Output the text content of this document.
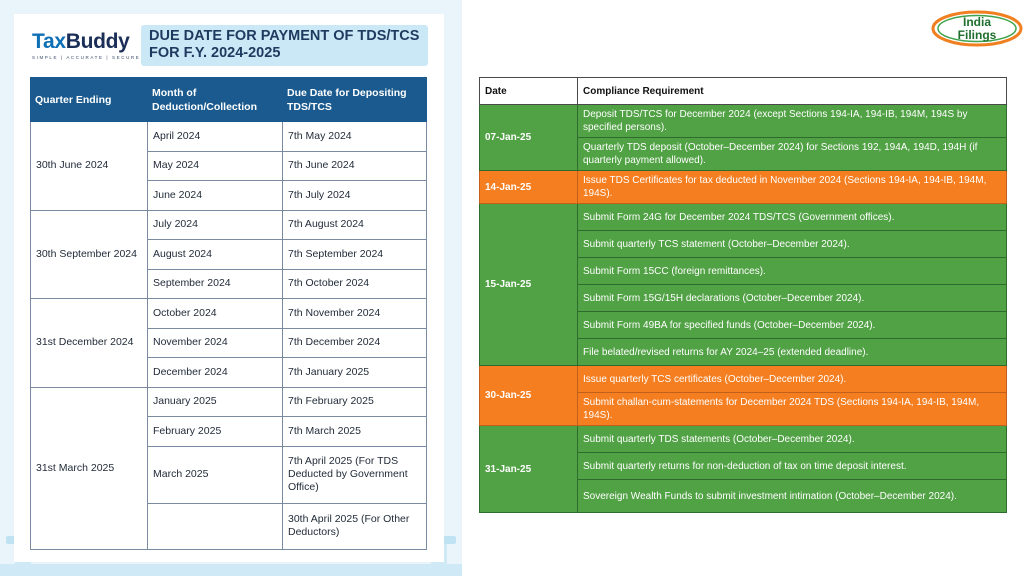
TaxBuddy
SIMPLE | ACCURATE | SECURE
DUE DATE FOR PAYMENT OF TDS/TCS
FOR F.Y. 2024-2025
Quarter Ending	Month of Deduction/Collection	Due Date for Depositing TDS/TCS
30th June 2024	April 2024	7th May 2024
	May 2024	7th June 2024
	June 2024	7th July 2024
30th September 2024	July 2024	7th August 2024
	August 2024	7th September 2024
	September 2024	7th October 2024
31st December 2024	October 2024	7th November 2024
	November 2024	7th December 2024
	December 2024	7th January 2025
31st March 2025	January 2025	7th February 2025
	February 2025	7th March 2025
	March 2025	7th April 2025 (For TDS Deducted by Government Office)
		30th April 2025 (For Other Deductors)
India
Filings
Date	Compliance Requirement
07-Jan-25	Deposit TDS/TCS for December 2024 (except Sections 194-IA, 194-IB, 194M, 194S by specified persons).
	Quarterly TDS deposit (October–December 2024) for Sections 192, 194A, 194D, 194H (if quarterly payment allowed).
14-Jan-25	Issue TDS Certificates for tax deducted in November 2024 (Sections 194-IA, 194-IB, 194M, 194S).
15-Jan-25	Submit Form 24G for December 2024 TDS/TCS (Government offices).
	Submit quarterly TCS statement (October–December 2024).
	Submit Form 15CC (foreign remittances).
	Submit Form 15G/15H declarations (October–December 2024).
	Submit Form 49BA for specified funds (October–December 2024).
	File belated/revised returns for AY 2024–25 (extended deadline).
30-Jan-25	Issue quarterly TCS certificates (October–December 2024).
	Submit challan-cum-statements for December 2024 TDS (Sections 194-IA, 194-IB, 194M, 194S).
31-Jan-25	Submit quarterly TDS statements (October–December 2024).
	Submit quarterly returns for non-deduction of tax on time deposit interest.
	Sovereign Wealth Funds to submit investment intimation (October–December 2024).
